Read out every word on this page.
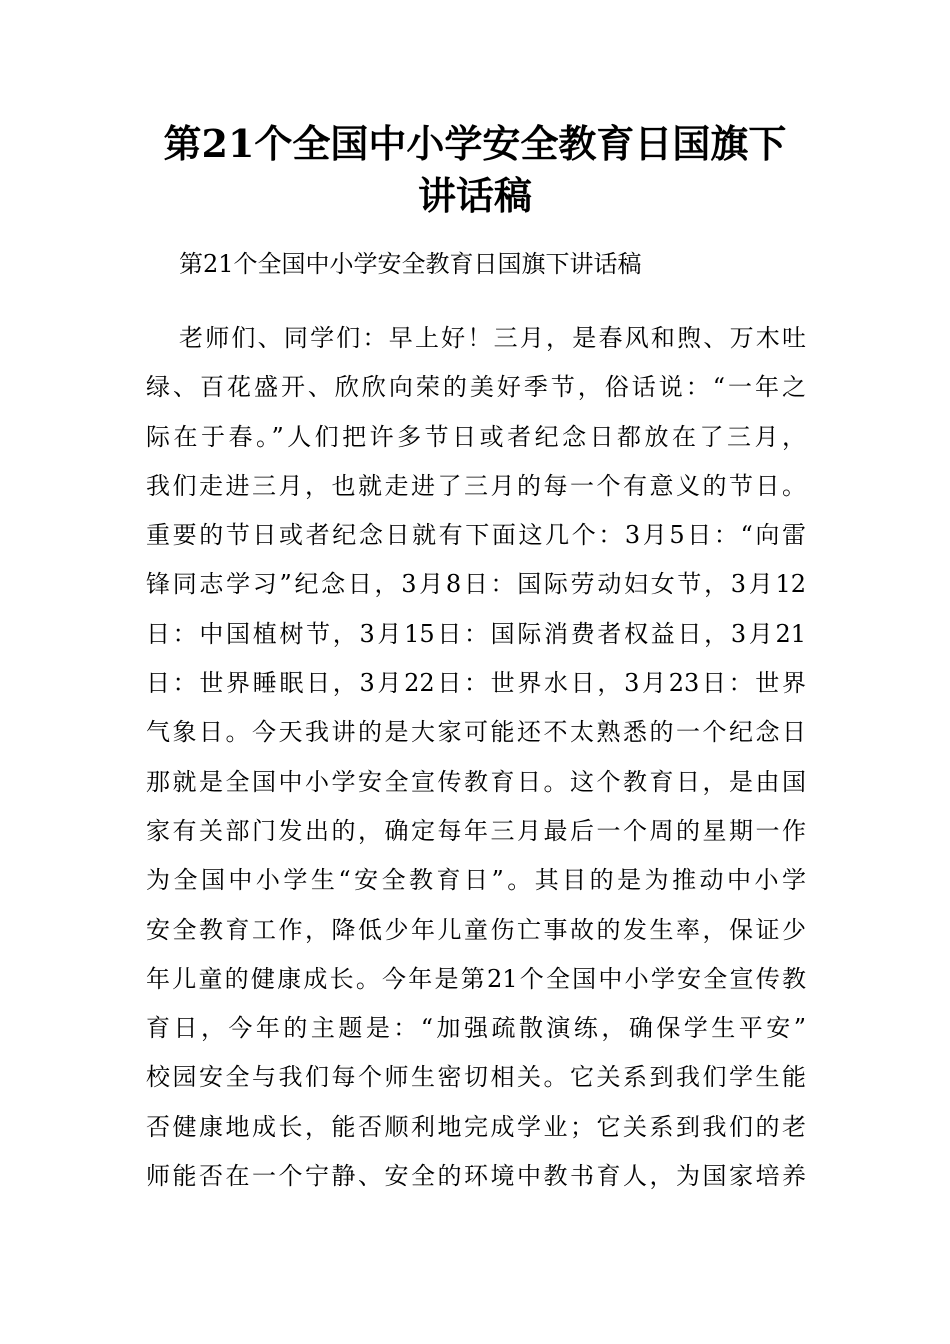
第21个全国中小学安全教育日国旗下
讲话稿

第21个全国中小学安全教育日国旗下讲话稿

老师们、同学们：早上好！三月，是春风和煦、万木吐
绿、百花盛开、欣欣向荣的美好季节，俗话说：“一年之
际在于春。”人们把许多节日或者纪念日都放在了三月，
我们走进三月，也就走进了三月的每一个有意义的节日。
重要的节日或者纪念日就有下面这几个：3月5日：“向雷
锋同志学习”纪念日，3月8日：国际劳动妇女节，3月12
日：中国植树节，3月15日：国际消费者权益日，3月21
日：世界睡眠日，3月22日：世界水日，3月23日：世界
气象日。今天我讲的是大家可能还不太熟悉的一个纪念日
那就是全国中小学安全宣传教育日。这个教育日，是由国
家有关部门发出的，确定每年三月最后一个周的星期一作
为全国中小学生“安全教育日”。其目的是为推动中小学
安全教育工作，降低少年儿童伤亡事故的发生率，保证少
年儿童的健康成长。今年是第21个全国中小学安全宣传教
育日，今年的主题是：“加强疏散演练，确保学生平安”
校园安全与我们每个师生密切相关。它关系到我们学生能
否健康地成长，能否顺利地完成学业；它关系到我们的老
师能否在一个宁静、安全的环境中教书育人，为国家培养
